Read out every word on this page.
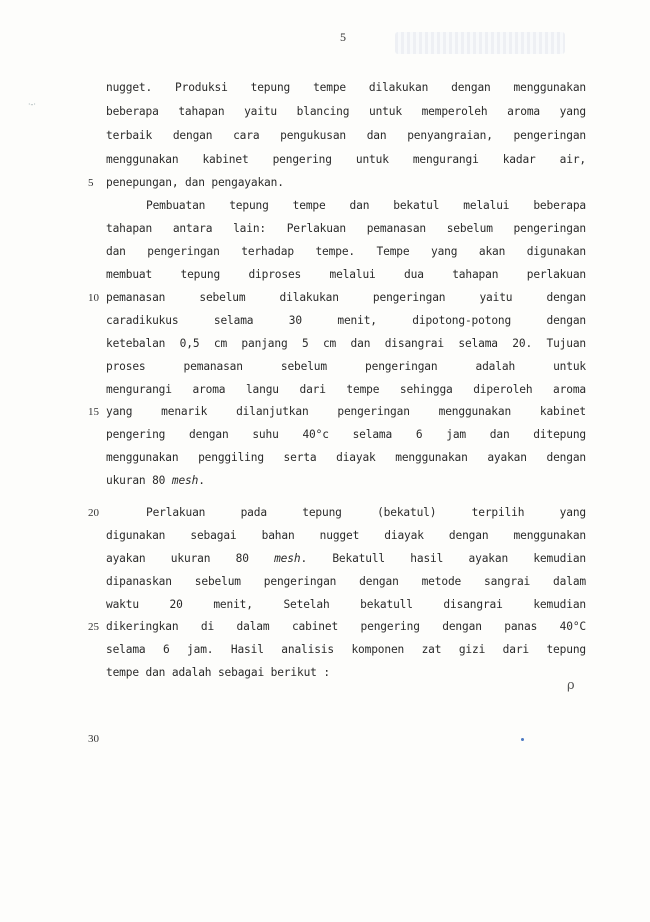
5
·-·
nugget. Produksi tepung tempe dilakukan dengan menggunakan
beberapa tahapan yaitu blancing untuk memperoleh aroma yang
terbaik dengan cara pengukusan dan penyangraian, pengeringan
menggunakan kabinet pengering untuk mengurangi kadar air,
5	penepungan, dan pengayakan.
Pembuatan tepung tempe dan bekatul melalui beberapa
tahapan antara lain: Perlakuan pemanasan sebelum pengeringan
dan pengeringan terhadap tempe. Tempe yang akan digunakan
membuat tepung diproses melalui dua tahapan perlakuan
10 pemanasan sebelum dilakukan pengeringan yaitu dengan
caradikukus selama 30 menit, dipotong-potong dengan
ketebalan 0,5 cm panjang 5 cm dan disangrai selama 20. Tujuan
proses pemanasan sebelum pengeringan adalah untuk
mengurangi aroma langu dari tempe sehingga diperoleh aroma
15 yang menarik dilanjutkan pengeringan menggunakan kabinet
pengering dengan suhu 40°c selama 6 jam dan ditepung
menggunakan penggiling serta diayak menggunakan ayakan dengan
ukuran 80 mesh.
20	Perlakuan pada tepung (bekatul) terpilih yang
digunakan sebagai bahan nugget diayak dengan menggunakan
ayakan ukuran 80 mesh. Bekatull hasil ayakan kemudian
dipanaskan sebelum pengeringan dengan metode sangrai dalam
waktu 20 menit, Setelah bekatull disangrai kemudian
25 dikeringkan di dalam cabinet pengering dengan panas 40°C
selama 6 jam. Hasil analisis komponen zat gizi dari tepung
tempe dan adalah sebagai berikut :
ρ
30
